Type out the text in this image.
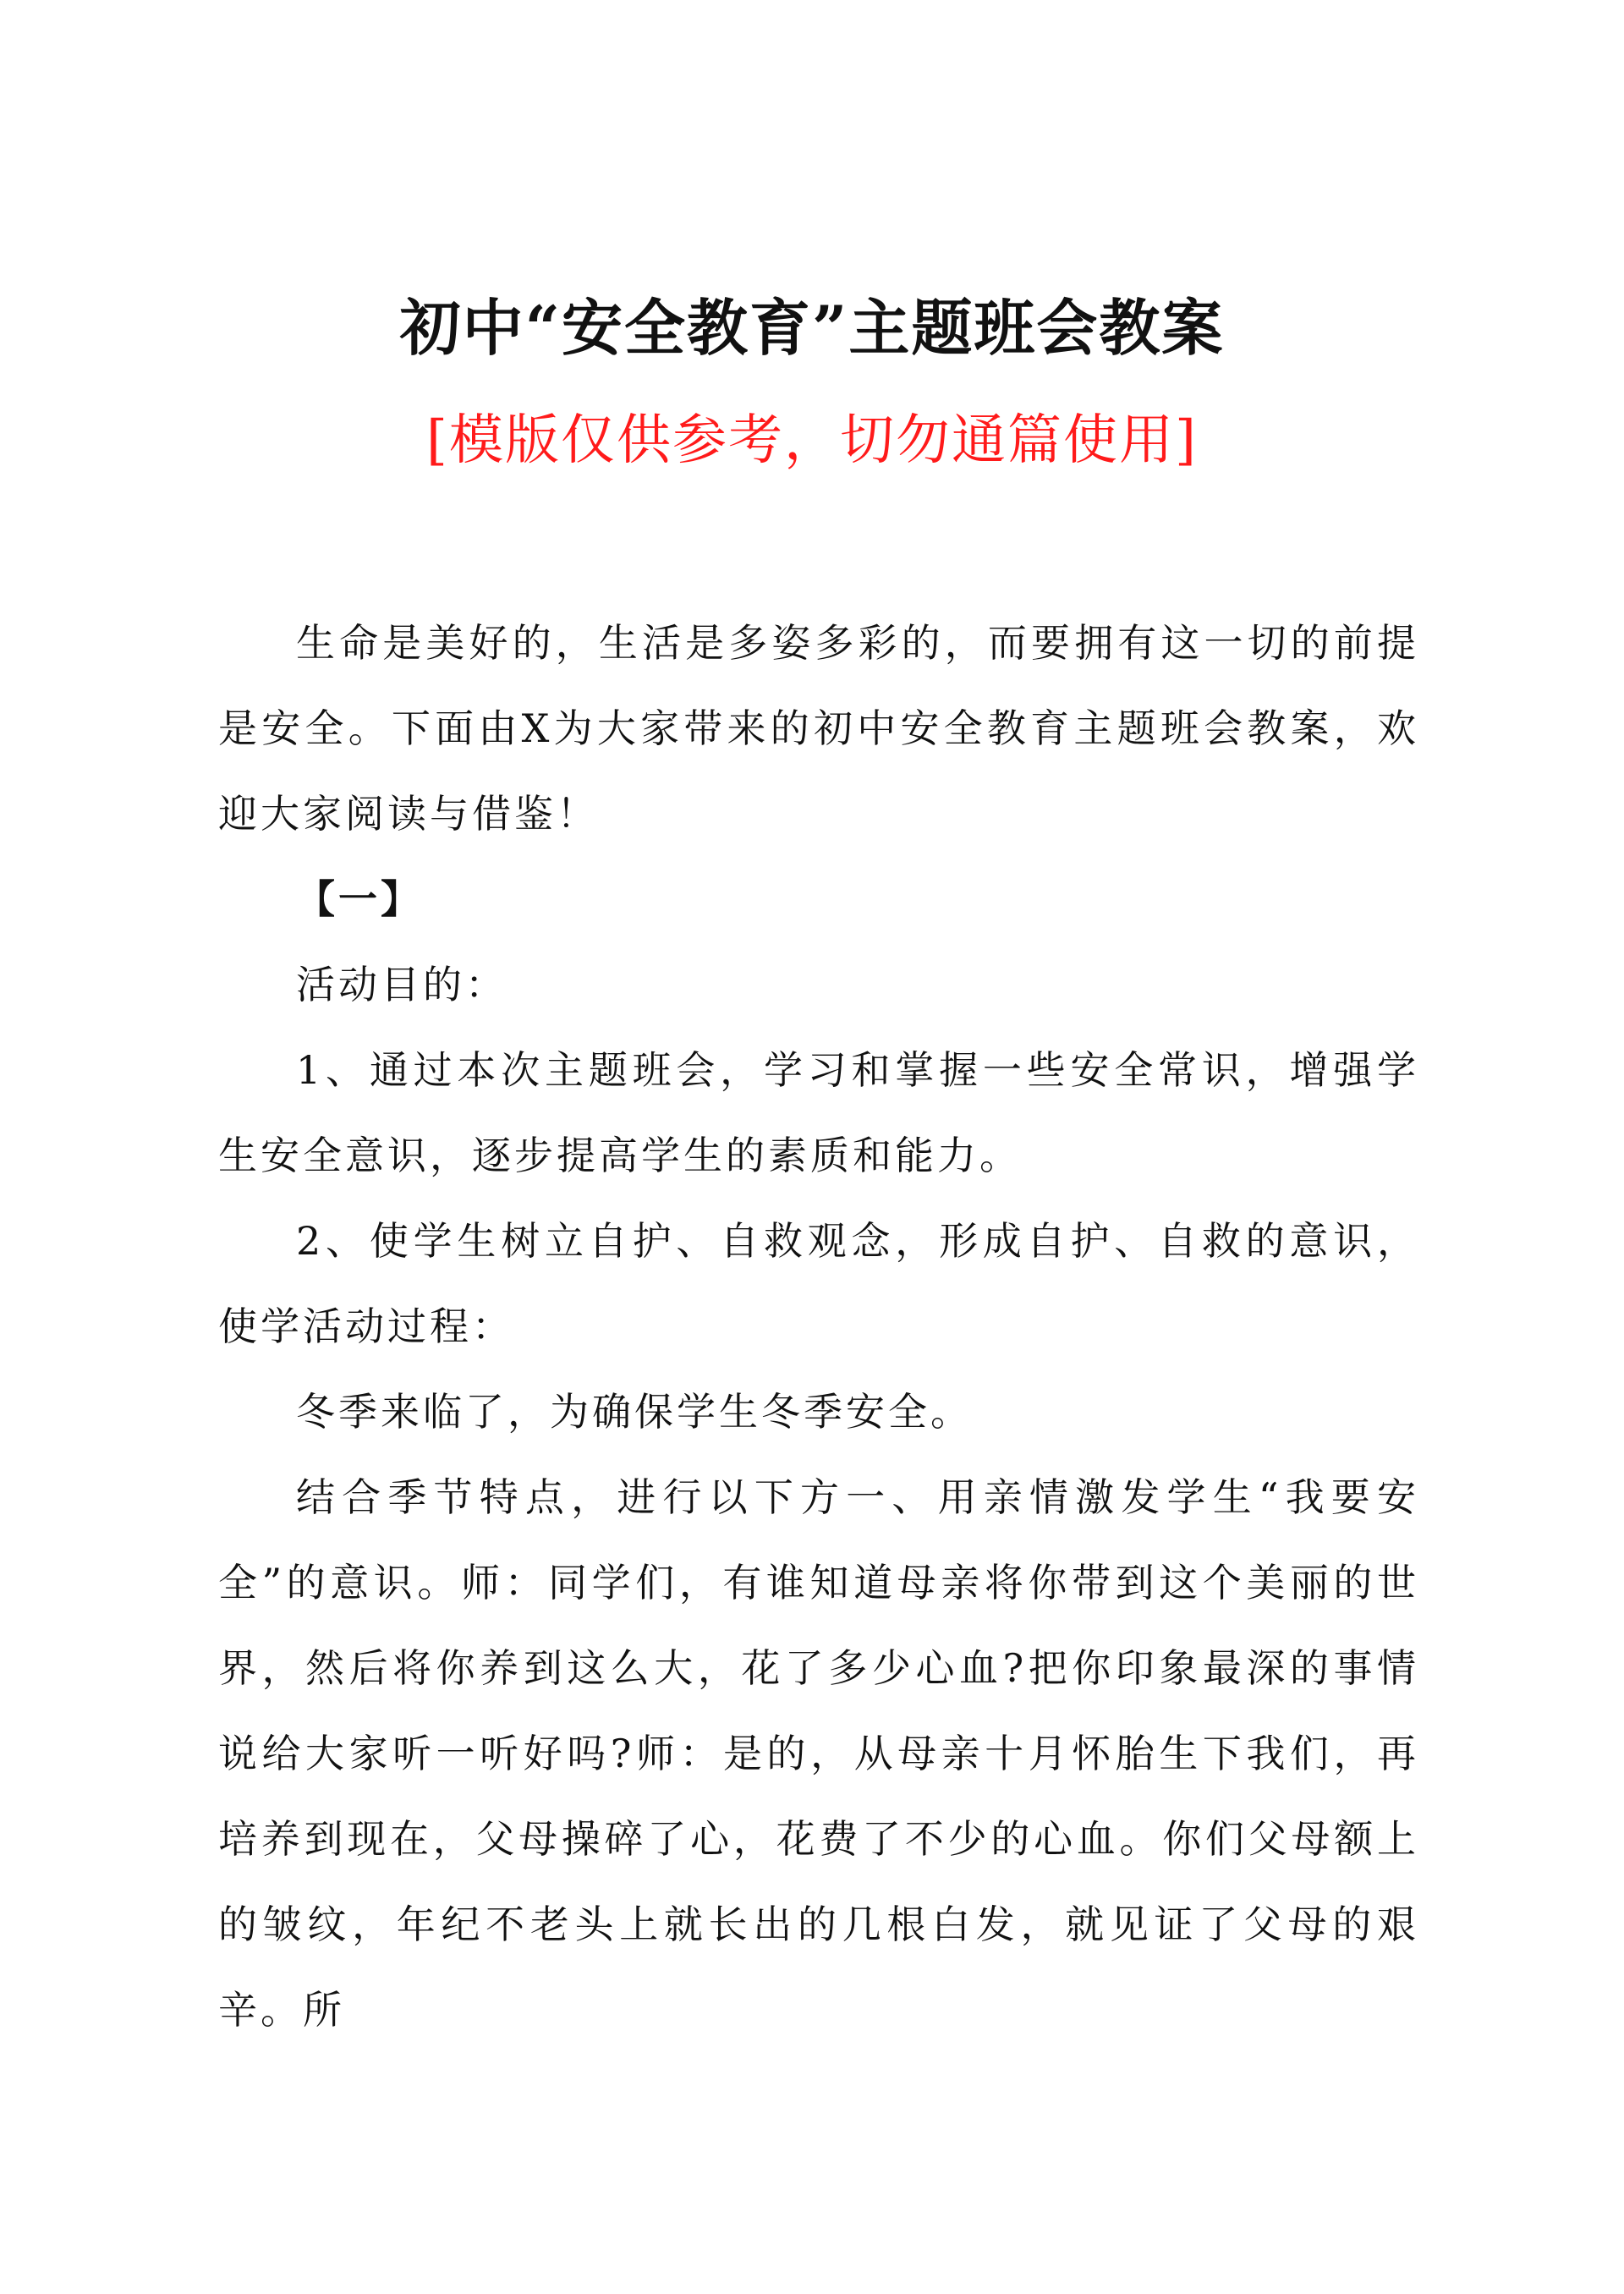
初中“安全教育”主题班会教案
[模版仅供参考，切勿通篇使用]

生命是美好的，生活是多姿多彩的，而要拥有这一切的前提是安全。下面由X为大家带来的初中安全教育主题班会教案，欢迎大家阅读与借鉴！

【一】

活动目的：

1、通过本次主题班会，学习和掌握一些安全常识，增强学生安全意识，逐步提高学生的素质和能力。

2、使学生树立自护、自救观念，形成自护、自救的意识，使学活动过程：

冬季来临了，为确保学生冬季安全。

结合季节特点，进行以下方一、用亲情激发学生“我要安全”的意识。师：同学们，有谁知道母亲将你带到这个美丽的世界，然后将你养到这么大，花了多少心血?把你印象最深的事情说给大家听一听好吗?师：是的，从母亲十月怀胎生下我们，再培养到现在，父母操碎了心，花费了不少的心血。你们父母额上的皱纹，年纪不老头上就长出的几根白发，就见证了父母的艰辛。所
